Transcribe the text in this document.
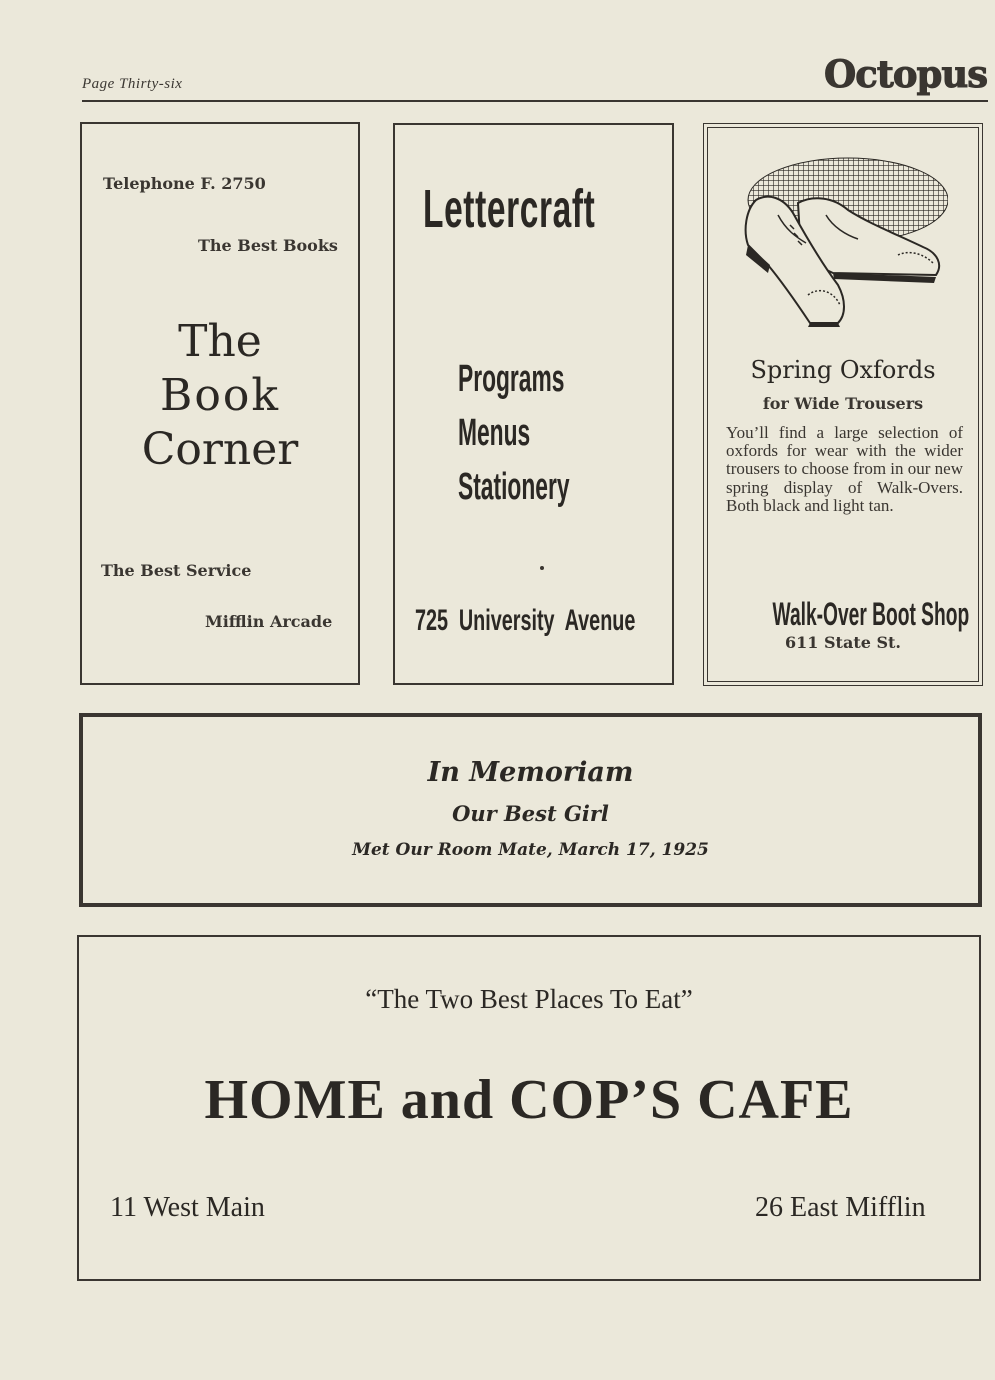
Page Thirty-six	Octopus
Telephone F. 2750
The Best Books
The
Book
Corner
The Best Service
Mifflin Arcade
Lettercraft
Programs
Menus
Stationery
725 University Avenue
Spring Oxfords
for Wide Trousers
You’ll find a large selection of oxfords for wear with the wider trousers to choose from in our new spring display of Walk-Overs. Both black and light tan.
Walk-Over Boot Shop
611 State St.
In Memoriam
Our Best Girl
Met Our Room Mate, March 17, 1925
“The Two Best Places To Eat”
HOME and COP’S CAFE
11 West Main	26 East Mifflin
